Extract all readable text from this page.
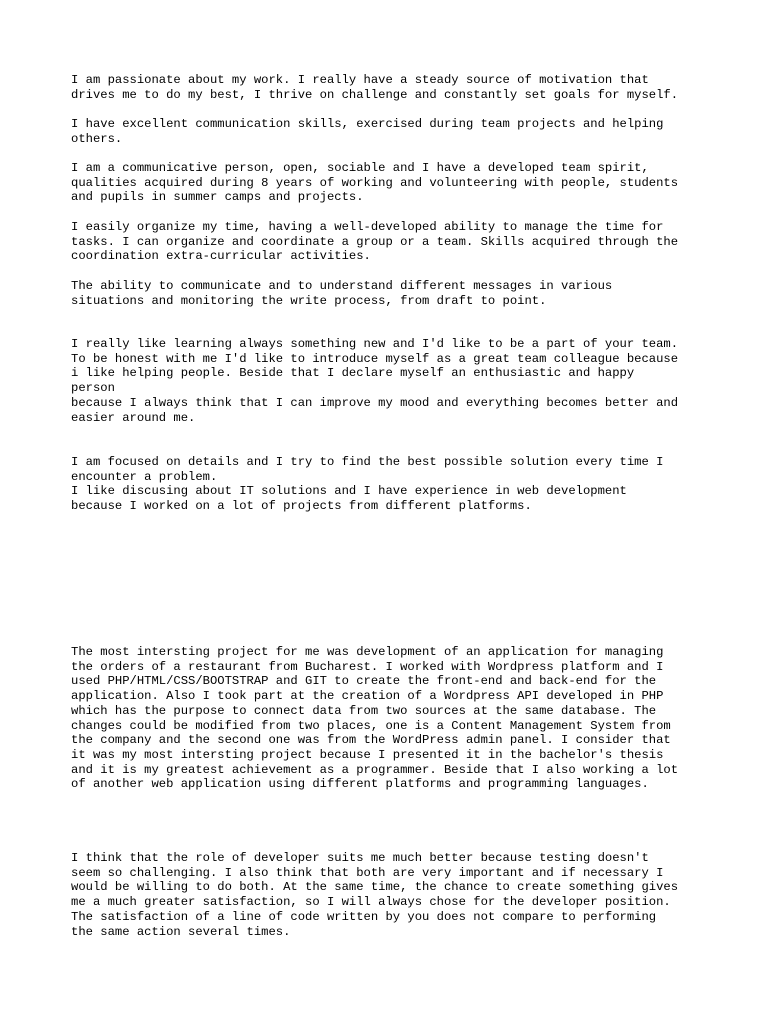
I am passionate about my work. I really have a steady source of motivation that
drives me to do my best, I thrive on challenge and constantly set goals for myself.

I have excellent communication skills, exercised during team projects and helping
others.

I am a communicative person, open, sociable and I have a developed team spirit,
qualities acquired during 8 years of working and volunteering with people, students
and pupils in summer camps and projects.

I easily organize my time, having a well-developed ability to manage the time for
tasks. I can organize and coordinate a group or a team. Skills acquired through the
coordination extra-curricular activities.

The ability to communicate and to understand different messages in various
situations and monitoring the write process, from draft to point.

I really like learning always something new and I'd like to be a part of your team.
To be honest with me I'd like to introduce myself as a great team colleague because
i like helping people. Beside that I declare myself an enthusiastic and happy
person
because I always think that I can improve my mood and everything becomes better and
easier around me.

I am focused on details and I try to find the best possible solution every time I
encounter a problem.
I like discusing about IT solutions and I have experience in web development
because I worked on a lot of projects from different platforms.

The most intersting project for me was development of an application for managing
the orders of a restaurant from Bucharest. I worked with Wordpress platform and I
used PHP/HTML/CSS/BOOTSTRAP and GIT to create the front-end and back-end for the
application. Also I took part at the creation of a Wordpress API developed in PHP
which has the purpose to connect data from two sources at the same database. The
changes could be modified from two places, one is a Content Management System from
the company and the second one was from the WordPress admin panel. I consider that
it was my most intersting project because I presented it in the bachelor's thesis
and it is my greatest achievement as a programmer. Beside that I also working a lot
of another web application using different platforms and programming languages.

I think that the role of developer suits me much better because testing doesn't
seem so challenging. I also think that both are very important and if necessary I
would be willing to do both. At the same time, the chance to create something gives
me a much greater satisfaction, so I will always chose for the developer position.
The satisfaction of a line of code written by you does not compare to performing
the same action several times.
